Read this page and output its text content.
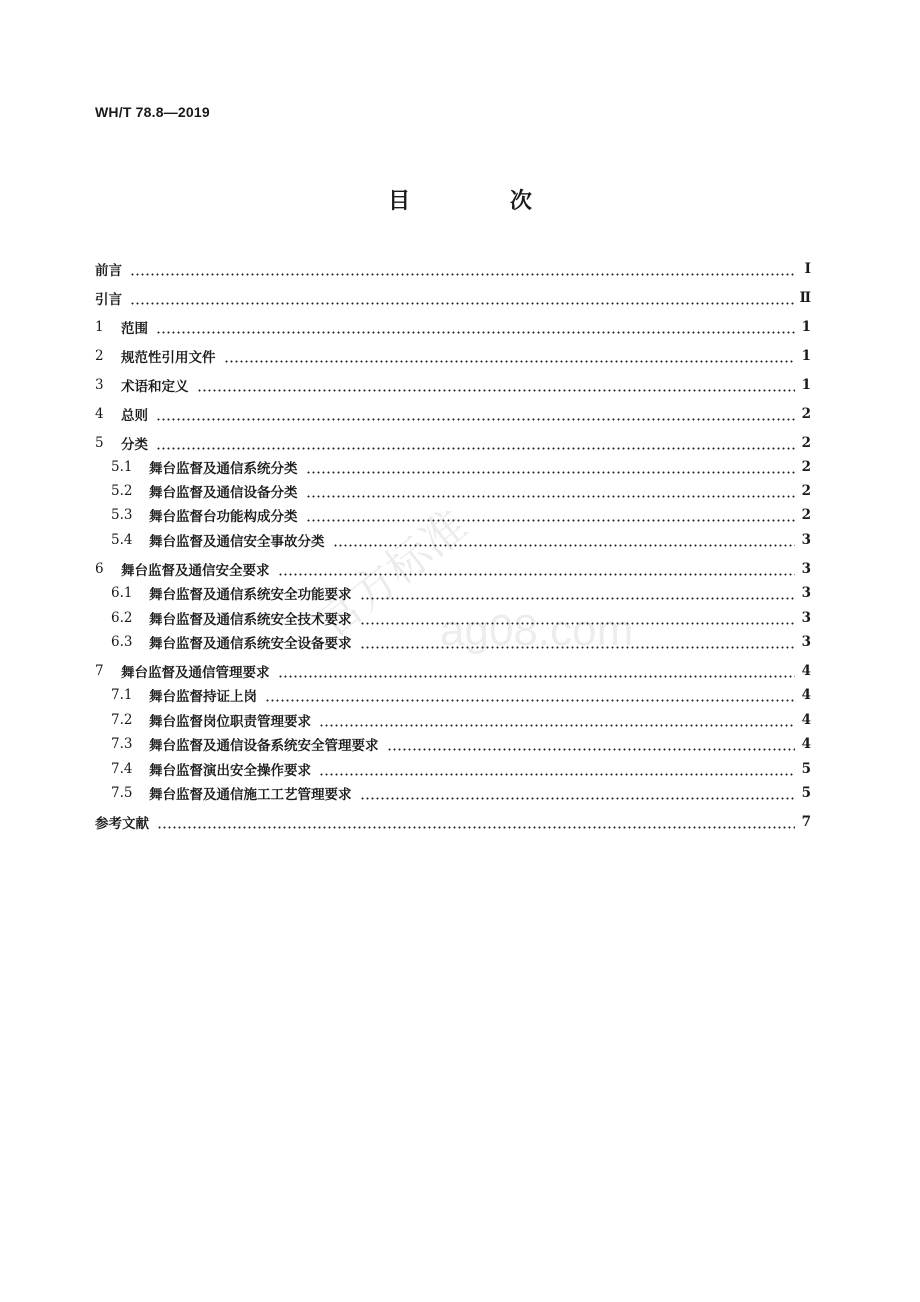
WH/T 78.8—2019
目 次
前言	Ⅰ
引言	Ⅱ
1	范围	1
2	规范性引用文件	1
3	术语和定义	1
4	总则	2
5	分类	2
5.1	舞台监督及通信系统分类	2
5.2	舞台监督及通信设备分类	2
5.3	舞台监督台功能构成分类	2
5.4	舞台监督及通信安全事故分类	3
6	舞台监督及通信安全要求	3
6.1	舞台监督及通信系统安全功能要求	3
6.2	舞台监督及通信系统安全技术要求	3
6.3	舞台监督及通信系统安全设备要求	3
7	舞台监督及通信管理要求	4
7.1	舞台监督持证上岗	4
7.2	舞台监督岗位职责管理要求	4
7.3	舞台监督及通信设备系统安全管理要求	4
7.4	舞台监督演出安全操作要求	5
7.5	舞台监督及通信施工工艺管理要求	5
参考文献	7
